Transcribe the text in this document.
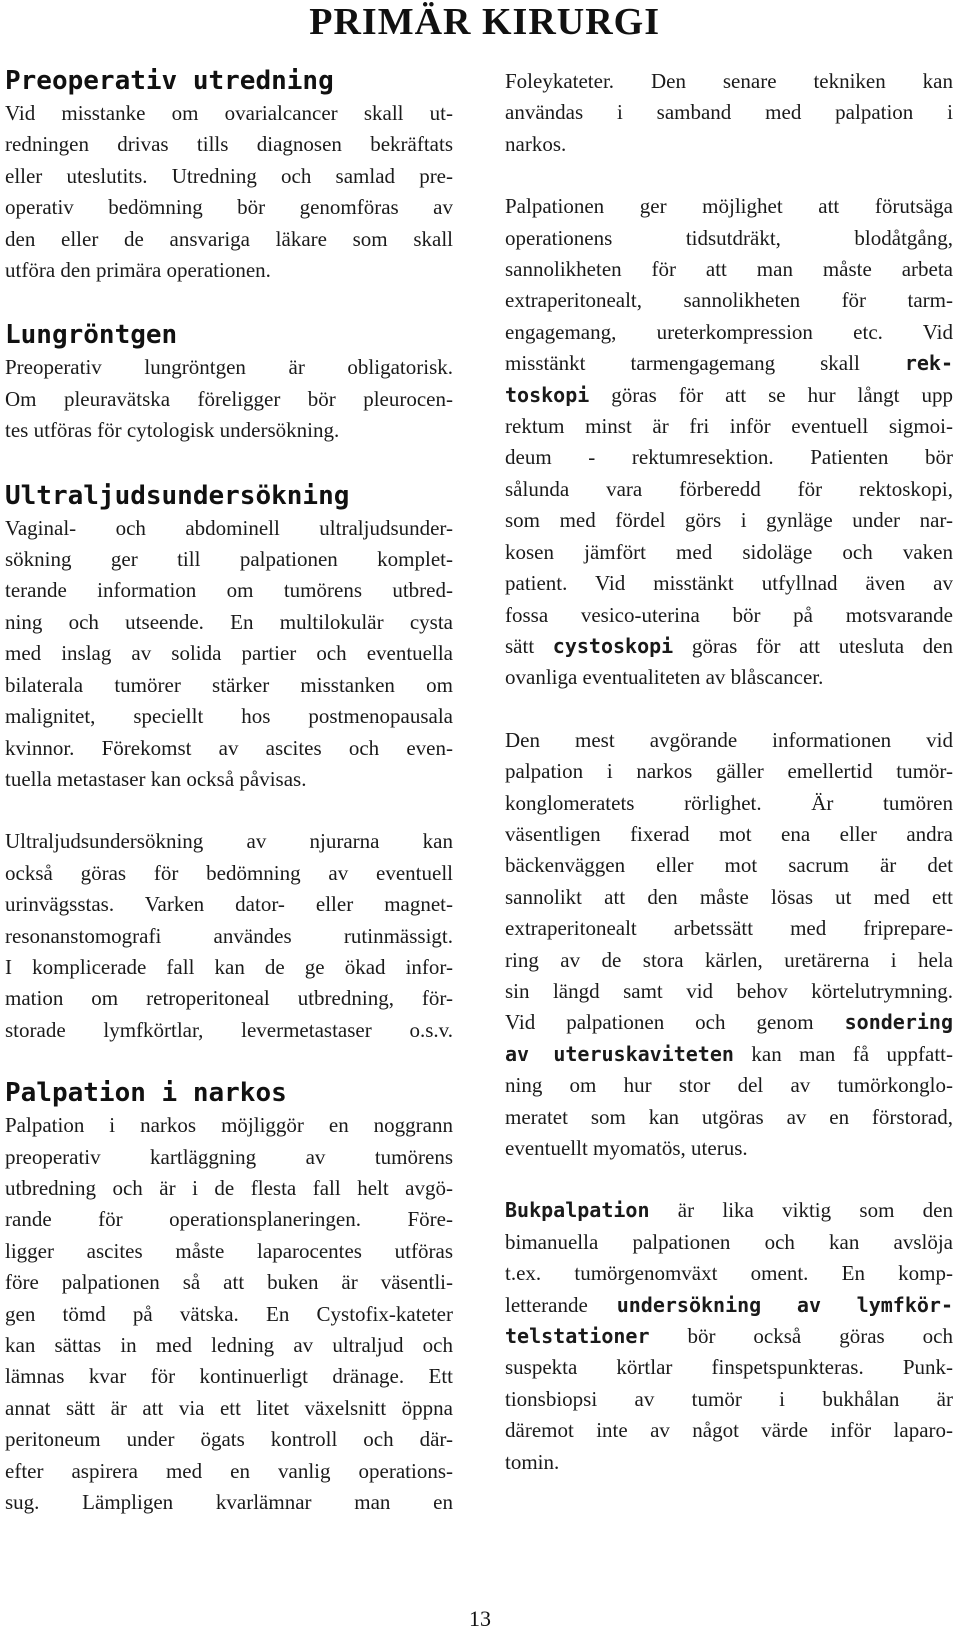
PRIMÄR KIRURGI
Preoperativ utredning

Vid misstanke om ovarialcancer skall ut-
redningen drivas tills diagnosen bekräftats
eller uteslutits. Utredning och samlad pre-
operativ bedömning bör genomföras av
den eller de ansvariga läkare som skall
utföra den primära operationen.

Lungröntgen

Preoperativ lungröntgen är obligatorisk.
Om pleuravätska föreligger bör pleurocen-
tes utföras för cytologisk undersökning.

Ultraljudsundersökning

Vaginal- och abdominell ultraljudsunder-
sökning ger till palpationen komplet-
terande information om tumörens utbred-
ning och utseende. En multilokulär cysta
med inslag av solida partier och eventuella
bilaterala tumörer stärker misstanken om
malignitet, speciellt hos postmenopausala
kvinnor. Förekomst av ascites och even-
tuella metastaser kan också påvisas.

Ultraljudsundersökning av njurarna kan
också göras för bedömning av eventuell
urinvägsstas. Varken dator- eller magnet-
resonanstomografi användes rutinmässigt.
I komplicerade fall kan de ge ökad infor-
mation om retroperitoneal utbredning, för-
storade lymfkörtlar, levermetastaser o.s.v.

Palpation i narkos

Palpation i narkos möjliggör en noggrann
preoperativ kartläggning av tumörens
utbredning och är i de flesta fall helt avgö-
rande för operationsplaneringen. Före-
ligger ascites måste laparocentes utföras
före palpationen så att buken är väsentli-
gen tömd på vätska. En Cystofix-kateter
kan sättas in med ledning av ultraljud och
lämnas kvar för kontinuerligt dränage. Ett
annat sätt är att via ett litet växelsnitt öppna
peritoneum under ögats kontroll och där-
efter aspirera med en vanlig operations-
sug. Lämpligen kvarlämnar man en

Foleykateter. Den senare tekniken kan
användas i samband med palpation i
narkos.

Palpationen ger möjlighet att förutsäga
operationens tidsutdräkt, blodåtgång,
sannolikheten för att man måste arbeta
extraperitonealt, sannolikheten för tarm-
engagemang, ureterkompression etc. Vid
misstänkt tarmengagemang skall rek-
toskopi göras för att se hur långt upp
rektum minst är fri inför eventuell sigmoi-
deum - rektumresektion. Patienten bör
sålunda vara förberedd för rektoskopi,
som med fördel görs i gynläge under nar-
kosen jämfört med sidoläge och vaken
patient. Vid misstänkt utfyllnad även av
fossa vesico-uterina bör på motsvarande
sätt cystoskopi göras för att utesluta den
ovanliga eventualiteten av blåscancer.

Den mest avgörande informationen vid
palpation i narkos gäller emellertid tumör-
konglomeratets rörlighet. Är tumören
väsentligen fixerad mot ena eller andra
bäckenväggen eller mot sacrum är det
sannolikt att den måste lösas ut med ett
extraperitonealt arbetssätt med fripreparе-
ring av de stora kärlen, uretärerna i hela
sin längd samt vid behov körtelutrymning.
Vid palpationen och genom sondering
av uteruskaviteten kan man få uppfatt-
ning om hur stor del av tumörkonglo-
meratet som kan utgöras av en förstorad,
eventuellt myomatös, uterus.

Bukpalpation är lika viktig som den
bimanuella palpationen och kan avslöja
t.ex. tumörgenomväxt oment. En komp-
letterande undersökning av lymfkör-
telstationer bör också göras och
suspekta körtlar finspetspunkteras. Punk-
tionsbiopsi av tumör i bukhålan är
däremot inte av något värde inför laparo-
tomin.

13
